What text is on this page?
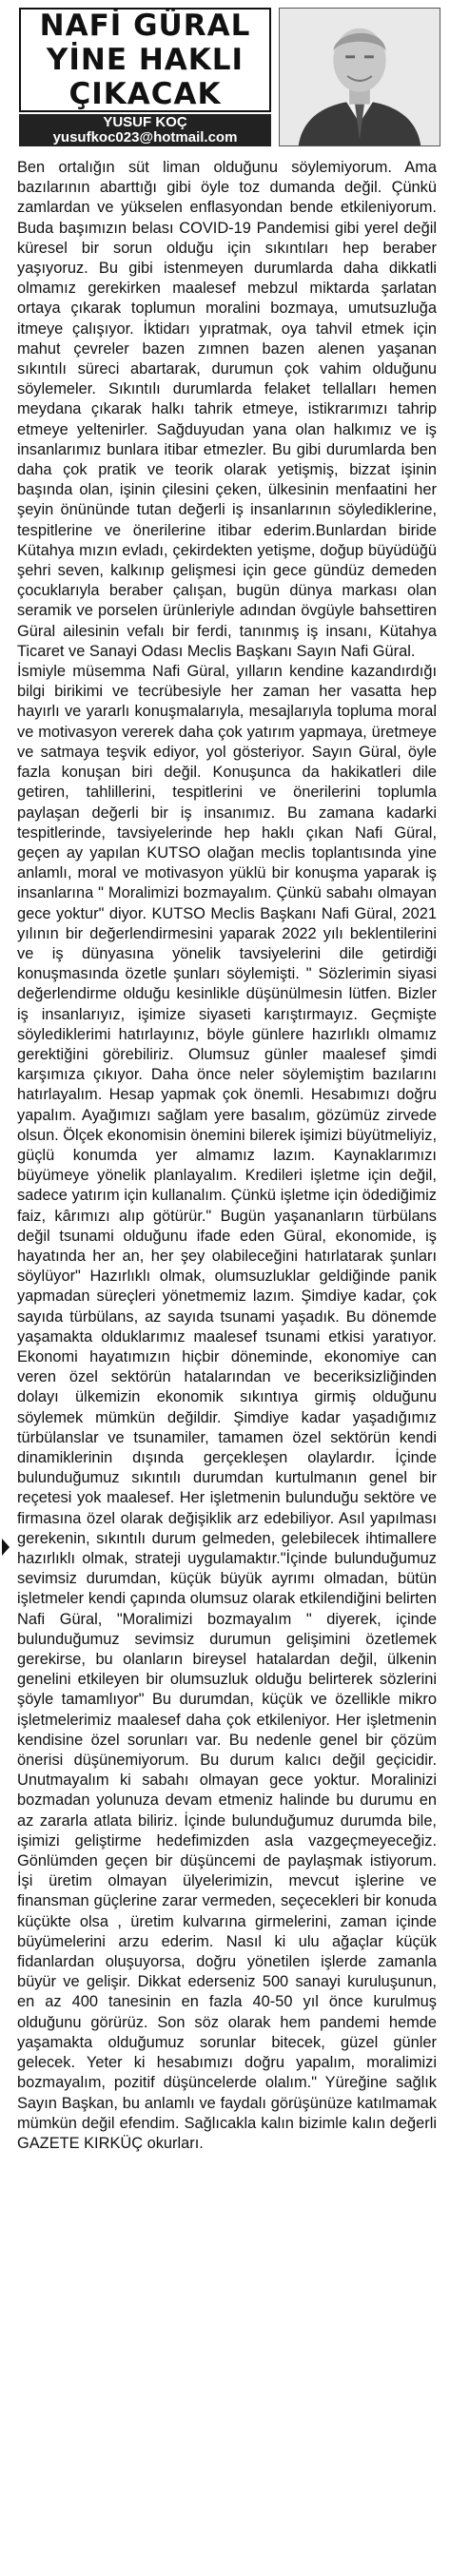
NAFİ GÜRAL
YİNE HAKLI
ÇIKACAK
YUSUF KOÇ
yusufkoc023@hotmail.com

Ben ortalığın süt liman olduğunu söylemiyorum. Ama bazılarının abarttığı gibi öyle toz dumanda değil. Çünkü zamlardan ve yükselen enflasyondan bende etkileniyorum. Buda başımızın belası COVID-19 Pandemisi gibi yerel değil küresel bir sorun olduğu için sıkıntıları hep beraber yaşıyoruz. Bu gibi istenmeyen durumlarda daha dikkatli olmamız gerekirken maalesef mebzul miktarda şarlatan ortaya çıkarak toplumun moralini bozmaya, umutsuzluğa itmeye çalışıyor. İktidarı yıpratmak, oya tahvil etmek için mahut çevreler bazen zımnen bazen alenen yaşanan sıkıntılı süreci abartarak, durumun çok vahim olduğunu söylemeler. Sıkıntılı durumlarda felaket tellalları hemen meydana çıkarak halkı tahrik etmeye, istikrarımızı tahrip etmeye yeltenirler. Sağduyudan yana olan halkımız ve iş insanlarımız bunlara itibar etmezler. Bu gibi durumlarda ben daha çok pratik ve teorik olarak yetişmiş, bizzat işinin başında olan, işinin çilesini çeken, ülkesinin menfaatini her şeyin önününde tutan değerli iş insanlarının söylediklerine, tespitlerine ve önerilerine itibar ederim.Bunlardan biride Kütahya mızın evladı, çekirdekten yetişme, doğup büyüdüğü şehri seven, kalkınıp gelişmesi için gece gündüz demeden çocuklarıyla beraber çalışan, bugün dünya markası olan seramik ve porselen ürünleriyle adından övgüyle bahsettiren Güral ailesinin vefalı bir ferdi, tanınmış iş insanı, Kütahya Ticaret ve Sanayi Odası Meclis Başkanı Sayın Nafi Güral.

İsmiyle müsemma Nafi Güral, yılların kendine kazandırdığı bilgi birikimi ve tecrübesiyle her zaman her vasatta hep hayırlı ve yararlı konuşmalarıyla, mesajlarıyla topluma moral ve motivasyon vererek daha çok yatırım yapmaya, üretmeye ve satmaya teşvik ediyor, yol gösteriyor. Sayın Güral, öyle fazla konuşan biri değil. Konuşunca da hakikatleri dile getiren, tahlillerini, tespitlerini ve önerilerini toplumla paylaşan değerli bir iş insanımız. Bu zamana kadarki tespitlerinde, tavsiyelerinde hep haklı çıkan Nafi Güral, geçen ay yapılan KUTSO olağan meclis toplantısında yine anlamlı, moral ve motivasyon yüklü bir konuşma yaparak iş insanlarına " Moralimizi bozmayalım. Çünkü sabahı olmayan gece yoktur" diyor. KUTSO Meclis Başkanı Nafi Güral, 2021 yılının bir değerlendirmesini yaparak 2022 yılı beklentilerini ve iş dünyasına yönelik tavsiyelerini dile getirdiği konuşmasında özetle şunları söylemişti. " Sözlerimin siyasi değerlendirme olduğu kesinlikle düşünülmesin lütfen. Bizler iş insanlarıyız, işimize siyaseti karıştırmayız. Geçmişte söylediklerimi hatırlayınız, böyle günlere hazırlıklı olmamız gerektiğini görebiliriz. Olumsuz günler maalesef şimdi karşımıza çıkıyor. Daha önce neler söylemiştim bazılarını hatırlayalım. Hesap yapmak çok önemli. Hesabımızı doğru yapalım. Ayağımızı sağlam yere basalım, gözümüz zirvede olsun. Ölçek ekonomisin önemini bilerek işimizi büyütmeliyiz, güçlü konumda yer almamız lazım. Kaynaklarımızı büyümeye yönelik planlayalım. Kredileri işletme için değil, sadece yatırım için kullanalım. Çünkü işletme için ödediğimiz faiz, kârımızı alıp götürür." Bugün yaşananların türbülans değil tsunami olduğunu ifade eden Güral, ekonomide, iş hayatında her an, her şey olabileceğini hatırlatarak şunları söylüyor" Hazırlıklı olmak, olumsuzluklar geldiğinde panik yapmadan süreçleri yönetmemiz lazım. Şimdiye kadar, çok sayıda türbülans, az sayıda tsunami yaşadık. Bu dönemde yaşamakta olduklarımız maalesef tsunami etkisi yaratıyor. Ekonomi hayatımızın hiçbir döneminde, ekonomiye can veren özel sektörün hatalarından ve beceriksizliğinden dolayı ülkemizin ekonomik sıkıntıya girmiş olduğunu söylemek mümkün değildir. Şimdiye kadar yaşadığımız türbülanslar ve tsunamiler, tamamen özel sektörün kendi dinamiklerinin dışında gerçekleşen olaylardır. İçinde bulunduğumuz sıkıntılı durumdan kurtulmanın genel bir reçetesi yok maalesef. Her işletmenin bulunduğu sektöre ve firmasına özel olarak değişiklik arz edebiliyor. Asıl yapılması gerekenin, sıkıntılı durum gelmeden, gelebilecek ihtimallere hazırlıklı olmak, strateji uygulamaktır."İçinde bulunduğumuz sevimsiz durumdan, küçük büyük ayrımı olmadan, bütün işletmeler kendi çapında olumsuz olarak etkilendiğini belirten Nafi Güral, "Moralimizi bozmayalım " diyerek, içinde bulunduğumuz sevimsiz durumun gelişimini özetlemek gerekirse, bu olanların bireysel hatalardan değil, ülkenin genelini etkileyen bir olumsuzluk olduğu belirterek sözlerini şöyle tamamlıyor" Bu durumdan, küçük ve özellikle mikro işletmelerimiz maalesef daha çok etkileniyor. Her işletmenin kendisine özel sorunları var. Bu nedenle genel bir çözüm önerisi düşünemiyorum. Bu durum kalıcı değil geçicidir. Unutmayalım ki sabahı olmayan gece yoktur. Moralinizi bozmadan yolunuza devam etmeniz halinde bu durumu en az zararla atlata biliriz. İçinde bulunduğumuz durumda bile, işimizi geliştirme hedefimizden asla vazgeçmeyeceğiz. Gönlümden geçen bir düşüncemi de paylaşmak istiyorum. İşi üretim olmayan ülyelerimizin, mevcut işlerine ve finansman güçlerine zarar vermeden, seçecekleri bir konuda küçükte olsa , üretim kulvarına girmelerini, zaman içinde büyümelerini arzu ederim. Nasıl ki ulu ağaçlar küçük fidanlardan oluşuyorsa, doğru yönetilen işlerde zamanla büyür ve gelişir. Dikkat ederseniz 500 sanayi kuruluşunun, en az 400 tanesinin en fazla 40-50 yıl önce kurulmuş olduğunu görürüz. Son söz olarak hem pandemi hemde yaşamakta olduğumuz sorunlar bitecek, güzel günler gelecek. Yeter ki hesabımızı doğru yapalım, moralimizi bozmayalım, pozitif düşüncelerde olalım." Yüreğine sağlık Sayın Başkan, bu anlamlı ve faydalı görüşünüze katılmamak mümkün değil efendim. Sağlıcakla kalın bizimle kalın değerli GAZETE KIRKÜÇ okurları.
